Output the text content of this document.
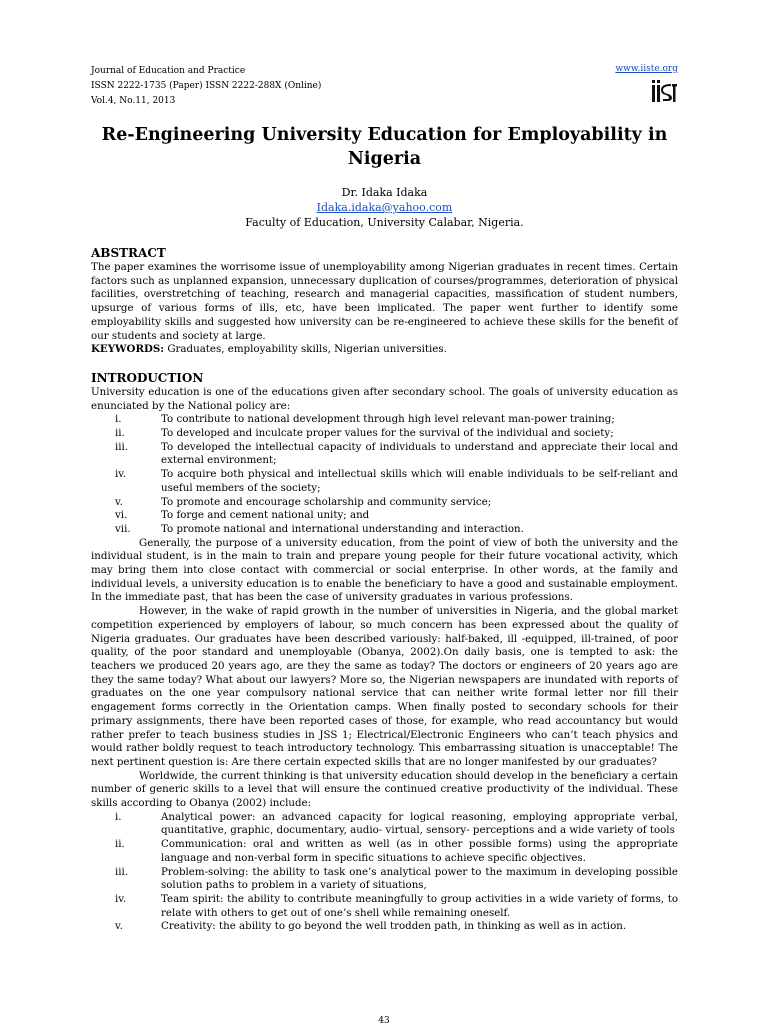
Journal of Education and Practice
ISSN 2222-1735 (Paper) ISSN 2222-288X (Online)
Vol.4, No.11, 2013
www.iiste.org
Re-Engineering University Education for Employability in Nigeria
Dr. Idaka Idaka
Idaka.idaka@yahoo.com
Faculty of Education, University Calabar, Nigeria.
ABSTRACT

The paper examines the worrisome issue of unemployability among Nigerian graduates in recent times. Certain factors such as unplanned expansion, unnecessary duplication of courses/programmes, deterioration of physical facilities, overstretching of teaching, research and managerial capacities, massification of student numbers, upsurge of various forms of ills, etc, have been implicated. The paper went further to identify some employability skills and suggested how university can be re-engineered to achieve these skills for the benefit of our students and society at large.

KEYWORDS: Graduates, employability skills, Nigerian universities.

INTRODUCTION

University education is one of the educations given after secondary school. The goals of university education as enunciated by the National policy are:

i.	To contribute to national development through high level relevant man-power training;
ii.	To developed and inculcate proper values for the survival of the individual and society;
iii.	To developed the intellectual capacity of individuals to understand and appreciate their local and external environment;
iv.	To acquire both physical and intellectual skills which will enable individuals to be self-reliant and useful members of the society;
v.	To promote and encourage scholarship and community service;
vi.	To forge and cement national unity; and
vii.	To promote national and international understanding and interaction.

Generally, the purpose of a university education, from the point of view of both the university and the individual student, is in the main to train and prepare young people for their future vocational activity, which may bring them into close contact with commercial or social enterprise. In other words, at the family and individual levels, a university education is to enable the beneficiary to have a good and sustainable employment. In the immediate past, that has been the case of university graduates in various professions.

However, in the wake of rapid growth in the number of universities in Nigeria, and the global market competition experienced by employers of labour, so much concern has been expressed about the quality of Nigeria graduates. Our graduates have been described variously: half-baked, ill -equipped, ill-trained, of poor quality, of the poor standard and unemployable (Obanya, 2002).On daily basis, one is tempted to ask: the teachers we produced 20 years ago, are they the same as today? The doctors or engineers of 20 years ago are they the same today? What about our lawyers? More so, the Nigerian newspapers are inundated with reports of graduates on the one year compulsory national service that can neither write formal letter nor fill their engagement forms correctly in the Orientation camps. When finally posted to secondary schools for their primary assignments, there have been reported cases of those, for example, who read accountancy but would rather prefer to teach business studies in JSS 1; Electrical/Electronic Engineers who can’t teach physics and would rather boldly request to teach introductory technology. This embarrassing situation is unacceptable! The next pertinent question is: Are there certain expected skills that are no longer manifested by our graduates?

Worldwide, the current thinking is that university education should develop in the beneficiary a certain number of generic skills to a level that will ensure the continued creative productivity of the individual. These skills according to Obanya (2002) include:

i.	Analytical power: an advanced capacity for logical reasoning, employing appropriate verbal, quantitative, graphic, documentary, audio- virtual, sensory- perceptions and a wide variety of tools
ii.	Communication: oral and written as well (as in other possible forms) using the appropriate language and non-verbal form in specific situations to achieve specific objectives.
iii.	Problem-solving: the ability to task one’s analytical power to the maximum in developing possible solution paths to problem in a variety of situations,
iv.	Team spirit: the ability to contribute meaningfully to group activities in a wide variety of forms, to relate with others to get out of one’s shell while remaining oneself.
v.	Creativity: the ability to go beyond the well trodden path, in thinking as well as in action.
43
